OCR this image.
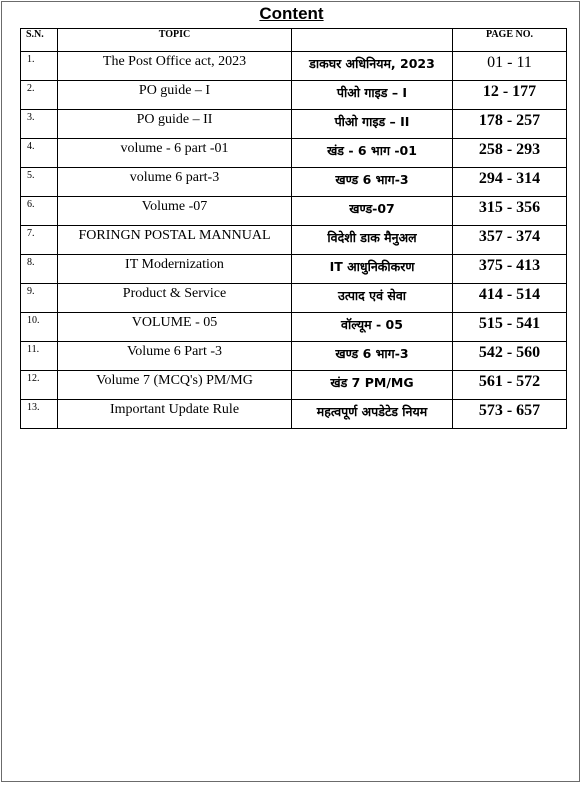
Content
S.N.	TOPIC		PAGE NO.
1.	The Post Office act, 2023	डाकघर अधिनियम, 2023	01 - 11
2.	PO guide – I	पीओ गाइड – I	12 - 177
3.	PO guide – II	पीओ गाइड – II	178 - 257
4.	volume - 6 part -01	खंड - 6 भाग -01	258 - 293
5.	volume 6 part-3	खण्ड 6 भाग-3	294 - 314
6.	Volume -07	खण्ड-07	315 - 356
7.	FORINGN POSTAL MANNUAL	विदेशी डाक मैनुअल	357 - 374
8.	IT Modernization	IT आधुनिकीकरण	375 - 413
9.	Product & Service	उत्पाद एवं सेवा	414 - 514
10.	VOLUME - 05	वॉल्यूम - 05	515 - 541
11.	Volume 6 Part -3	खण्ड 6 भाग-3	542 - 560
12.	Volume 7 (MCQ's) PM/MG	खंड 7 PM/MG	561 - 572
13.	Important Update Rule	महत्वपूर्ण अपडेटेड नियम	573 - 657
